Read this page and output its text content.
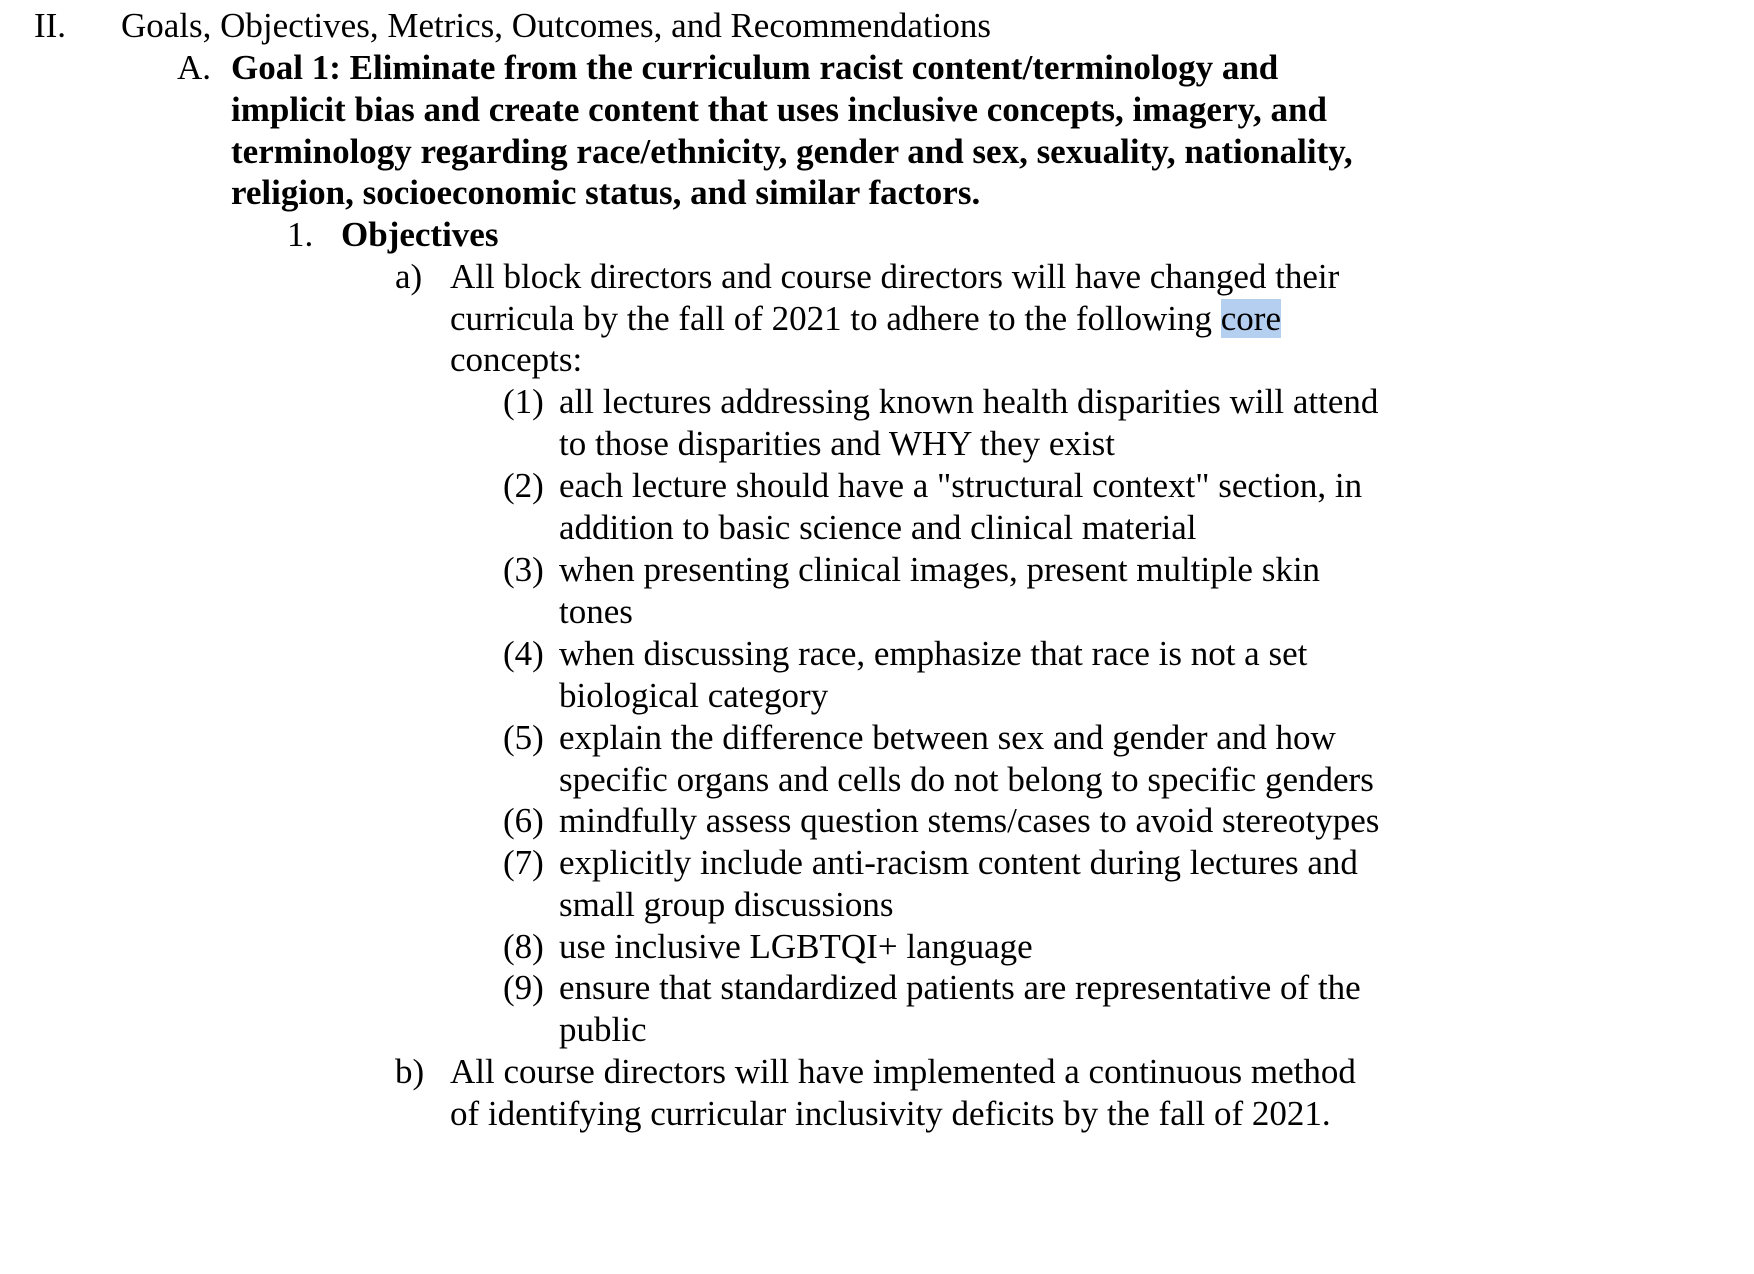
II. Goals, Objectives, Metrics, Outcomes, and Recommendations
A. Goal 1: Eliminate from the curriculum racist content/terminology and
implicit bias and create content that uses inclusive concepts, imagery, and
terminology regarding race/ethnicity, gender and sex, sexuality, nationality,
religion, socioeconomic status, and similar factors.
1. Objectives
a) All block directors and course directors will have changed their
curricula by the fall of 2021 to adhere to the following core
concepts:
(1) all lectures addressing known health disparities will attend
to those disparities and WHY they exist
(2) each lecture should have a "structural context" section, in
addition to basic science and clinical material
(3) when presenting clinical images, present multiple skin
tones
(4) when discussing race, emphasize that race is not a set
biological category
(5) explain the difference between sex and gender and how
specific organs and cells do not belong to specific genders
(6) mindfully assess question stems/cases to avoid stereotypes
(7) explicitly include anti-racism content during lectures and
small group discussions
(8) use inclusive LGBTQI+ language
(9) ensure that standardized patients are representative of the
public
b) All course directors will have implemented a continuous method
of identifying curricular inclusivity deficits by the fall of 2021.
